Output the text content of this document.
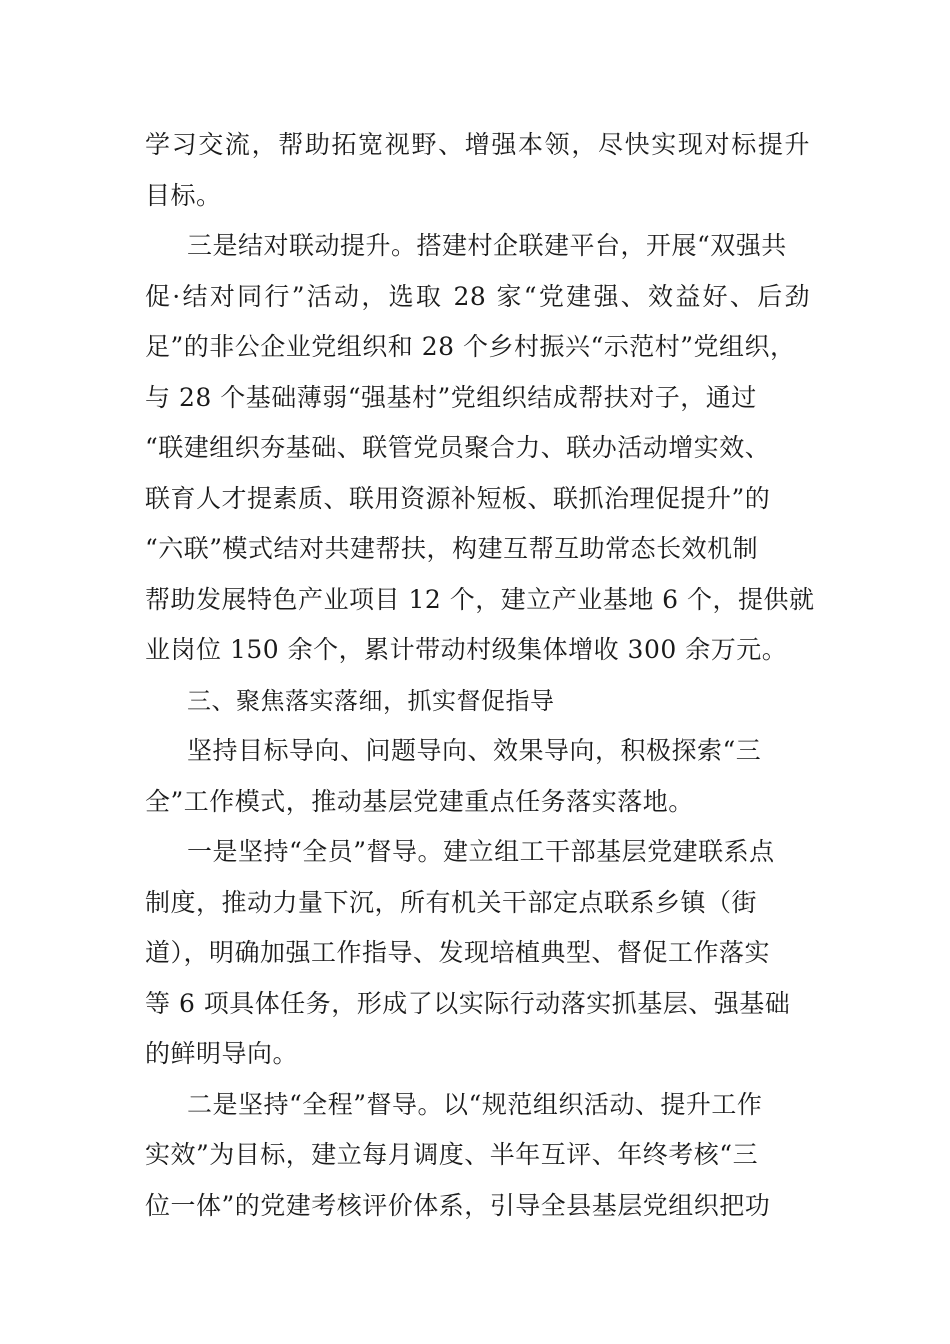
学习交流，帮助拓宽视野、增强本领，尽快实现对标提升
目标。
三是结对联动提升。搭建村企联建平台，开展“双强共
促·结对同行”活动，选取 28 家“党建强、效益好、后劲
足”的非公企业党组织和 28 个乡村振兴“示范村”党组织，
与 28 个基础薄弱“强基村”党组织结成帮扶对子，通过
“联建组织夯基础、联管党员聚合力、联办活动增实效、
联育人才提素质、联用资源补短板、联抓治理促提升”的
“六联”模式结对共建帮扶，构建互帮互助常态长效机制
帮助发展特色产业项目 12 个，建立产业基地 6 个，提供就
业岗位 150 余个，累计带动村级集体增收 300 余万元。
三、聚焦落实落细，抓实督促指导
坚持目标导向、问题导向、效果导向，积极探索“三
全”工作模式，推动基层党建重点任务落实落地。
一是坚持“全员”督导。建立组工干部基层党建联系点
制度，推动力量下沉，所有机关干部定点联系乡镇（街
道），明确加强工作指导、发现培植典型、督促工作落实
等 6 项具体任务，形成了以实际行动落实抓基层、强基础
的鲜明导向。
二是坚持“全程”督导。以“规范组织活动、提升工作
实效”为目标，建立每月调度、半年互评、年终考核“三
位一体”的党建考核评价体系，引导全县基层党组织把功
